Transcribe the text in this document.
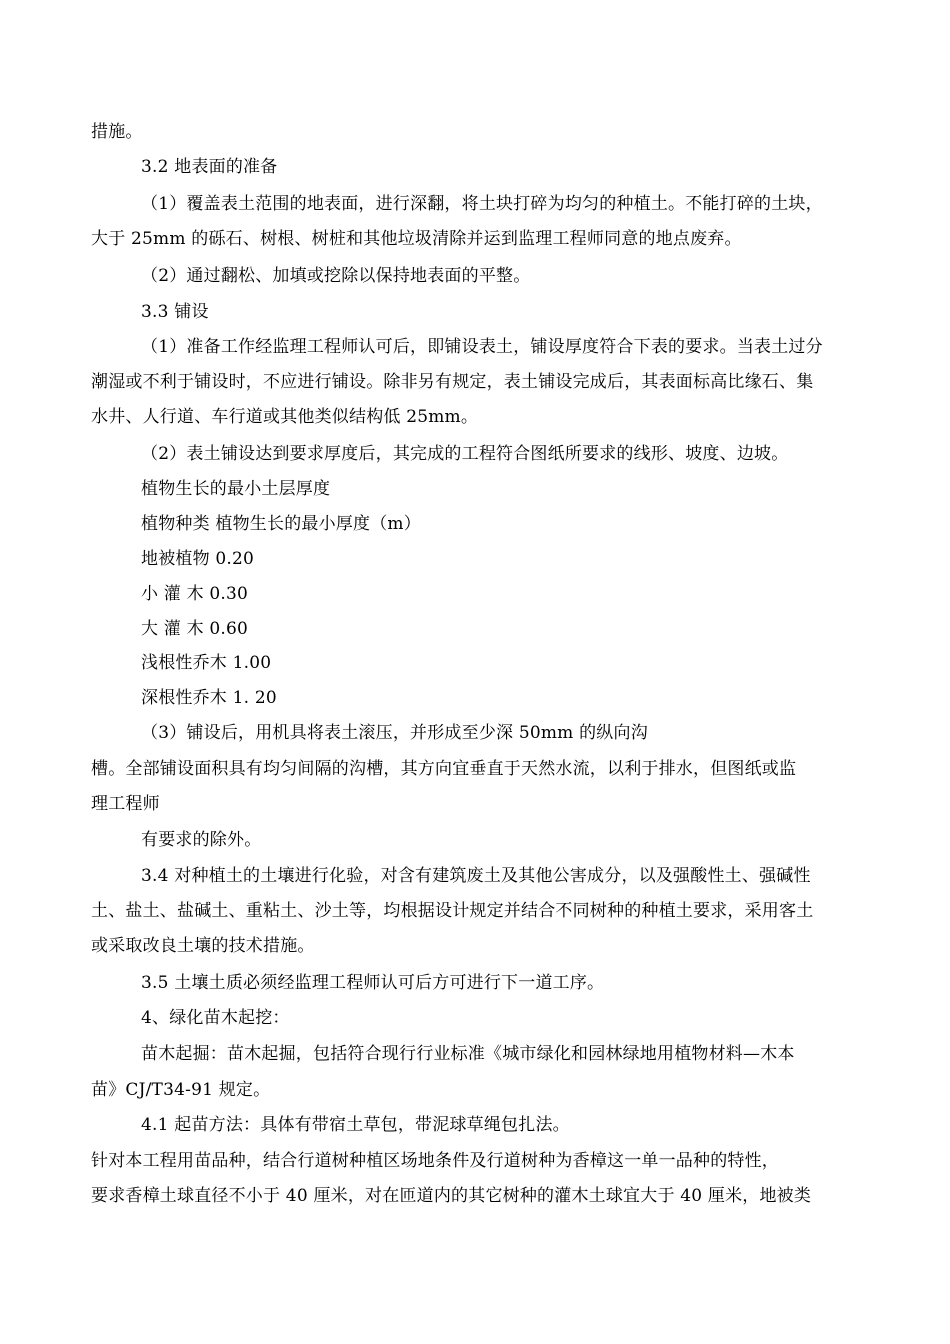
措施。
3.2 地表面的准备
（1）覆盖表土范围的地表面，进行深翻，将土块打碎为均匀的种植土。不能打碎的土块，
大于 25mm 的砾石、树根、树桩和其他垃圾清除并运到监理工程师同意的地点废弃。
（2）通过翻松、加填或挖除以保持地表面的平整。
3.3 铺设
（1）准备工作经监理工程师认可后，即铺设表土，铺设厚度符合下表的要求。当表土过分
潮湿或不利于铺设时，不应进行铺设。除非另有规定，表土铺设完成后，其表面标高比缘石、集
水井、人行道、车行道或其他类似结构低 25mm。
（2）表土铺设达到要求厚度后，其完成的工程符合图纸所要求的线形、坡度、边坡。
植物生长的最小土层厚度
植物种类 植物生长的最小厚度（m）
地被植物 0.20
小 灌 木 0.30
大 灌 木 0.60
浅根性乔木 1.00
深根性乔木 1. 20
（3）铺设后，用机具将表土滚压，并形成至少深 50mm 的纵向沟
槽。全部铺设面积具有均匀间隔的沟槽，其方向宜垂直于天然水流，以利于排水，但图纸或监
理工程师
有要求的除外。
3.4 对种植土的土壤进行化验，对含有建筑废土及其他公害成分，以及强酸性土、强碱性
土、盐土、盐碱土、重粘土、沙土等，均根据设计规定并结合不同树种的种植土要求，采用客土
或采取改良土壤的技术措施。
3.5 土壤土质必须经监理工程师认可后方可进行下一道工序。
4、绿化苗木起挖：
苗木起掘：苗木起掘，包括符合现行行业标准《城市绿化和园林绿地用植物材料—木本
苗》CJ/T34-91 规定。
4.1 起苗方法：具体有带宿土草包，带泥球草绳包扎法。
针对本工程用苗品种，结合行道树种植区场地条件及行道树种为香樟这一单一品种的特性，
要求香樟土球直径不小于 40 厘米，对在匝道内的其它树种的灌木土球宜大于 40 厘米，地被类
